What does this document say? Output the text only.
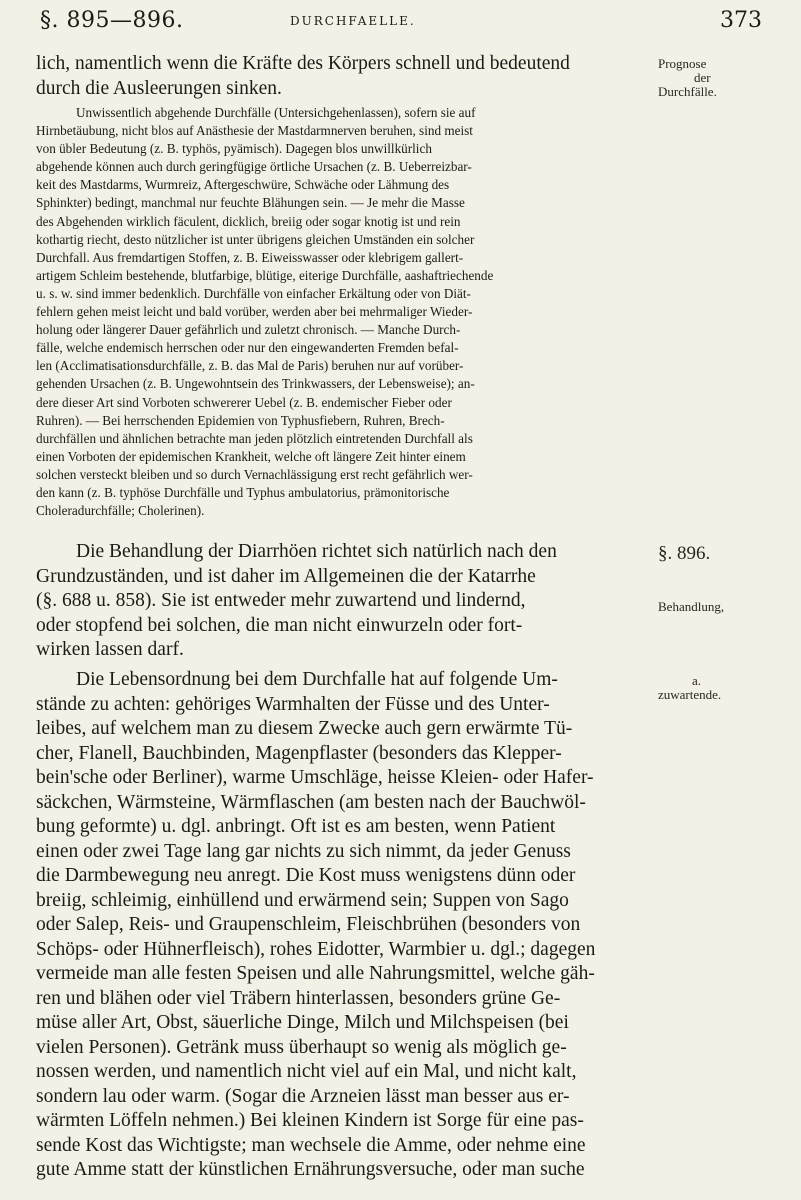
§. 895—896.	DURCHFAELLE.	373

lich, namentlich wenn die Kräfte des Körpers schnell und bedeutend
durch die Ausleerungen sinken.

Unwissentlich abgehende Durchfälle (Untersichgehenlassen), sofern sie auf
Hirnbetäubung, nicht blos auf Anästhesie der Mastdarmnerven beruhen, sind meist
von übler Bedeutung (z. B. typhös, pyämisch). Dagegen blos unwillkürlich
abgehende können auch durch geringfügige örtliche Ursachen (z. B. Ueberreizbar-
keit des Mastdarms, Wurmreiz, Aftergeschwüre, Schwäche oder Lähmung des
Sphinkter) bedingt, manchmal nur feuchte Blähungen sein. — Je mehr die Masse
des Abgehenden wirklich fäculent, dicklich, breiig oder sogar knotig ist und rein
kothartig riecht, desto nützlicher ist unter übrigens gleichen Umständen ein solcher
Durchfall. Aus fremdartigen Stoffen, z. B. Eiweisswasser oder klebrigem gallert-
artigem Schleim bestehende, blutfarbige, blütige, eiterige Durchfälle, aashaftriechende
u. s. w. sind immer bedenklich. Durchfälle von einfacher Erkältung oder von Diät-
fehlern gehen meist leicht und bald vorüber, werden aber bei mehrmaliger Wieder-
holung oder längerer Dauer gefährlich und zuletzt chronisch. — Manche Durch-
fälle, welche endemisch herrschen oder nur den eingewanderten Fremden befal-
len (Acclimatisationsdurchfälle, z. B. das Mal de Paris) beruhen nur auf vorüber-
gehenden Ursachen (z. B. Ungewohntsein des Trinkwassers, der Lebensweise); an-
dere dieser Art sind Vorboten schwererer Uebel (z. B. endemischer Fieber oder
Ruhren). — Bei herrschenden Epidemien von Typhusfiebern, Ruhren, Brech-
durchfällen und ähnlichen betrachte man jeden plötzlich eintretenden Durchfall als
einen Vorboten der epidemischen Krankheit, welche oft längere Zeit hinter einem
solchen versteckt bleiben und so durch Vernachlässigung erst recht gefährlich wer-
den kann (z. B. typhöse Durchfälle und Typhus ambulatorius, prämonitorische
Choleradurchfälle; Cholerinen).

Die Behandlung der Diarrhöen richtet sich natürlich nach den
Grundzuständen, und ist daher im Allgemeinen die der Katarrhe
(§. 688 u. 858). Sie ist entweder mehr zuwartend und lindernd,
oder stopfend bei solchen, die man nicht einwurzeln oder fort-
wirken lassen darf.

Die Lebensordnung bei dem Durchfalle hat auf folgende Um-
stände zu achten: gehöriges Warmhalten der Füsse und des Unter-
leibes, auf welchem man zu diesem Zwecke auch gern erwärmte Tü-
cher, Flanell, Bauchbinden, Magenpflaster (besonders das Klepper-
bein'sche oder Berliner), warme Umschläge, heisse Kleien- oder Hafer-
säckchen, Wärmsteine, Wärmflaschen (am besten nach der Bauchwöl-
bung geformte) u. dgl. anbringt. Oft ist es am besten, wenn Patient
einen oder zwei Tage lang gar nichts zu sich nimmt, da jeder Genuss
die Darmbewegung neu anregt. Die Kost muss wenigstens dünn oder
breiig, schleimig, einhüllend und erwärmend sein; Suppen von Sago
oder Salep, Reis- und Graupenschleim, Fleischbrühen (besonders von
Schöps- oder Hühnerfleisch), rohes Eidotter, Warmbier u. dgl.; dagegen
vermeide man alle festen Speisen und alle Nahrungsmittel, welche gäh-
ren und blähen oder viel Träbern hinterlassen, besonders grüne Ge-
müse aller Art, Obst, säuerliche Dinge, Milch und Milchspeisen (bei
vielen Personen). Getränk muss überhaupt so wenig als möglich ge-
nossen werden, und namentlich nicht viel auf ein Mal, und nicht kalt,
sondern lau oder warm. (Sogar die Arzneien lässt man besser aus er-
wärmten Löffeln nehmen.) Bei kleinen Kindern ist Sorge für eine pas-
sende Kost das Wichtigste; man wechsele die Amme, oder nehme eine
gute Amme statt der künstlichen Ernährungsversuche, oder man suche

Prognose
der
Durchfälle.
§. 896.
Behandlung,
a.
zuwartende.
